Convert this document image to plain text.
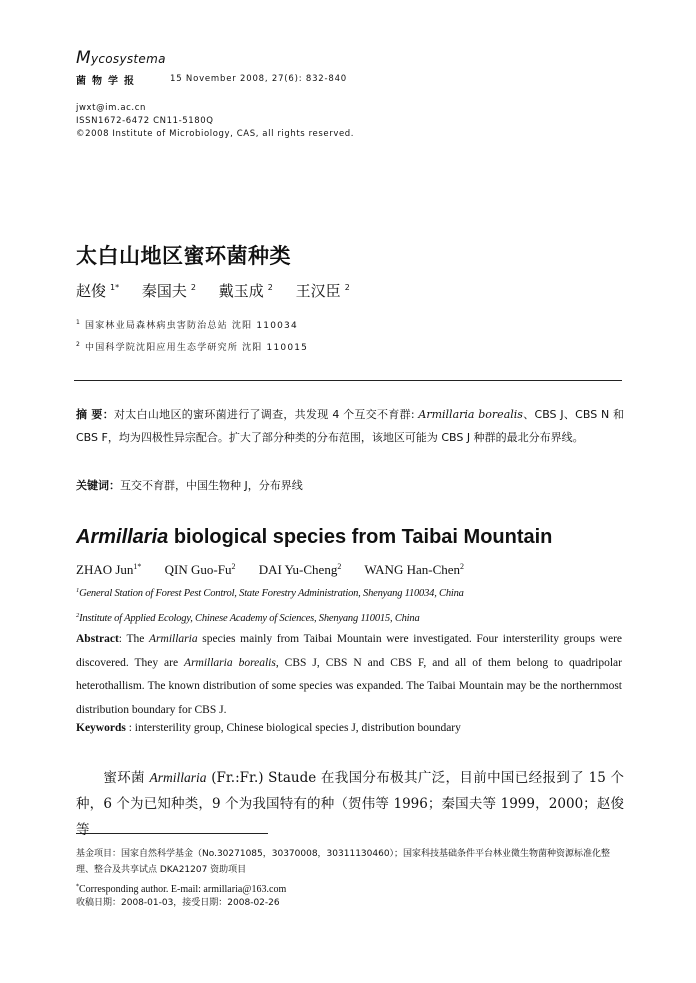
Mycosystema
菌物学报	15 November 2008, 27(6): 832-840
jwxt@im.ac.cn
ISSN1672-6472 CN11-5180Q
©2008 Institute of Microbiology, CAS, all rights reserved.
太白山地区蜜环菌种类
赵俊 $^{1*}$ 秦国夫 $^2$ 戴玉成 $^2$ 王汉臣 $^2$
$^1$ 国家林业局森林病虫害防治总站 沈阳 110034
$^2$ 中国科学院沈阳应用生态学研究所 沈阳 110015
摘 要：对太白山地区的蜜环菌进行了调查，共发现 4 个互交不育群: Armillaria borealis、CBS J、CBS N 和 CBS F，均为四极性异宗配合。扩大了部分种类的分布范围，该地区可能为 CBS J 种群的最北分布界线。
关键词：互交不育群，中国生物种 J，分布界线
Armillaria biological species from Taibai Mountain
ZHAO Jun$^{1*}$ QIN Guo-Fu$^2$ DAI Yu-Cheng$^2$ WANG Han-Chen$^2$
$^1$General Station of Forest Pest Control, State Forestry Administration, Shenyang 110034, China
$^2$Institute of Applied Ecology, Chinese Academy of Sciences, Shenyang 110015, China
Abstract: The Armillaria species mainly from Taibai Mountain were investigated. Four intersterility groups were discovered. They are Armillaria borealis, CBS J, CBS N and CBS F, and all of them belong to quadripolar heterothallism. The known distribution of some species was expanded. The Taibai Mountain may be the northernmost distribution boundary for CBS J.
Keywords : intersterility group, Chinese biological species J, distribution boundary
蜜环菌 Armillaria (Fr.:Fr.) Staude 在我国分布极其广泛，目前中国已经报到了 15 个种，6 个为已知种类，9 个为我国特有的种（贺伟等 1996；秦国夫等 1999，2000；赵俊等
基金项目：国家自然科学基金（No.30271085，30370008，30311130460）；国家科技基础条件平台林业微生物菌种资源标准化整理、整合及共享试点 DKA21207 资助项目
*Corresponding author. E-mail: armillaria@163.com
收稿日期：2008-01-03，接受日期：2008-02-26
